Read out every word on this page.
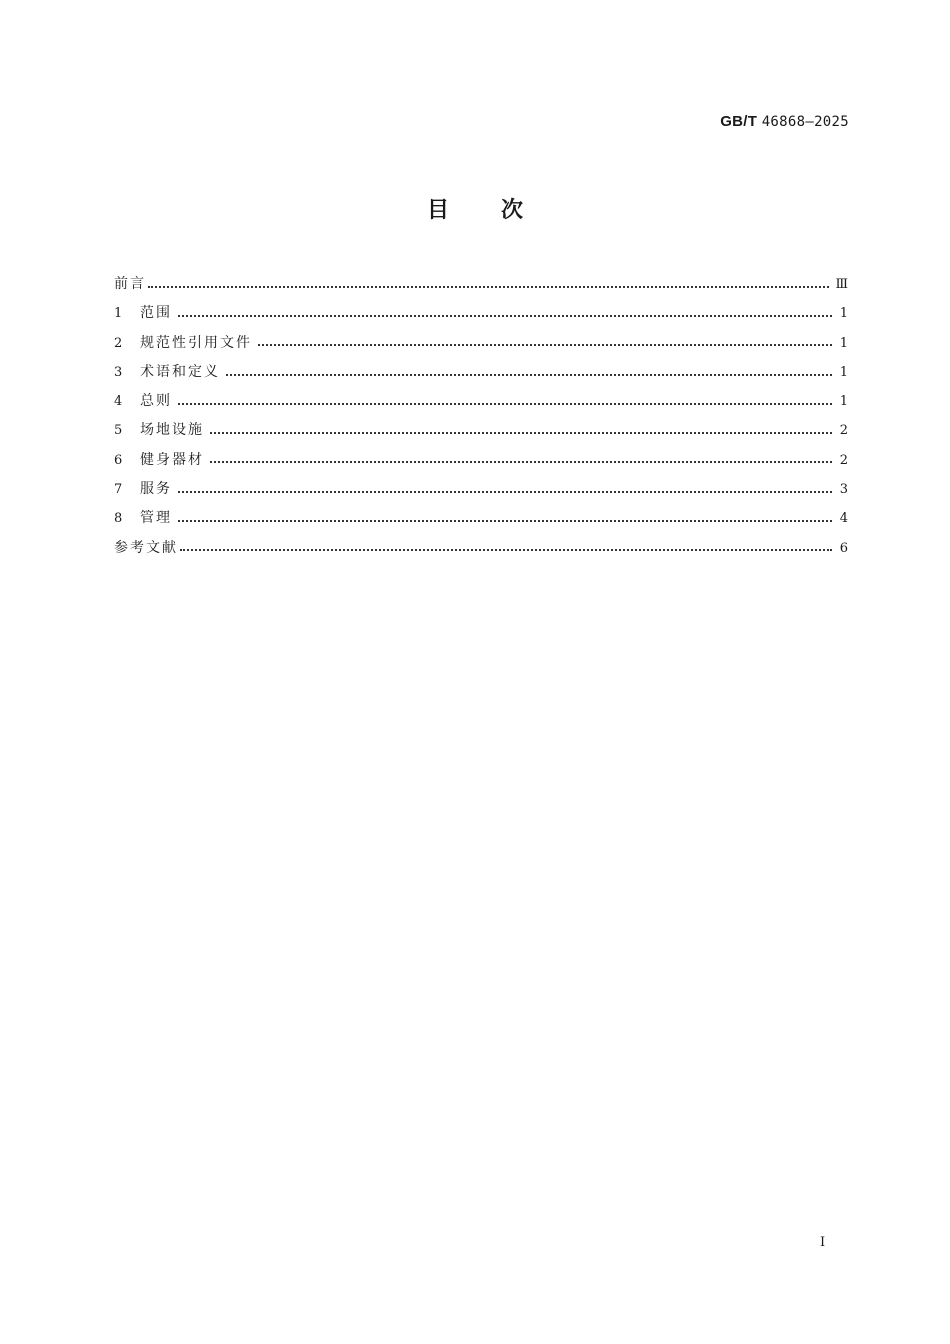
GB/T 46868—2025
目次
前言	Ⅲ
1	范围	1
2	规范性引用文件	1
3	术语和定义	1
4	总则	1
5	场地设施	2
6	健身器材	2
7	服务	3
8	管理	4
参考文献	6
I
